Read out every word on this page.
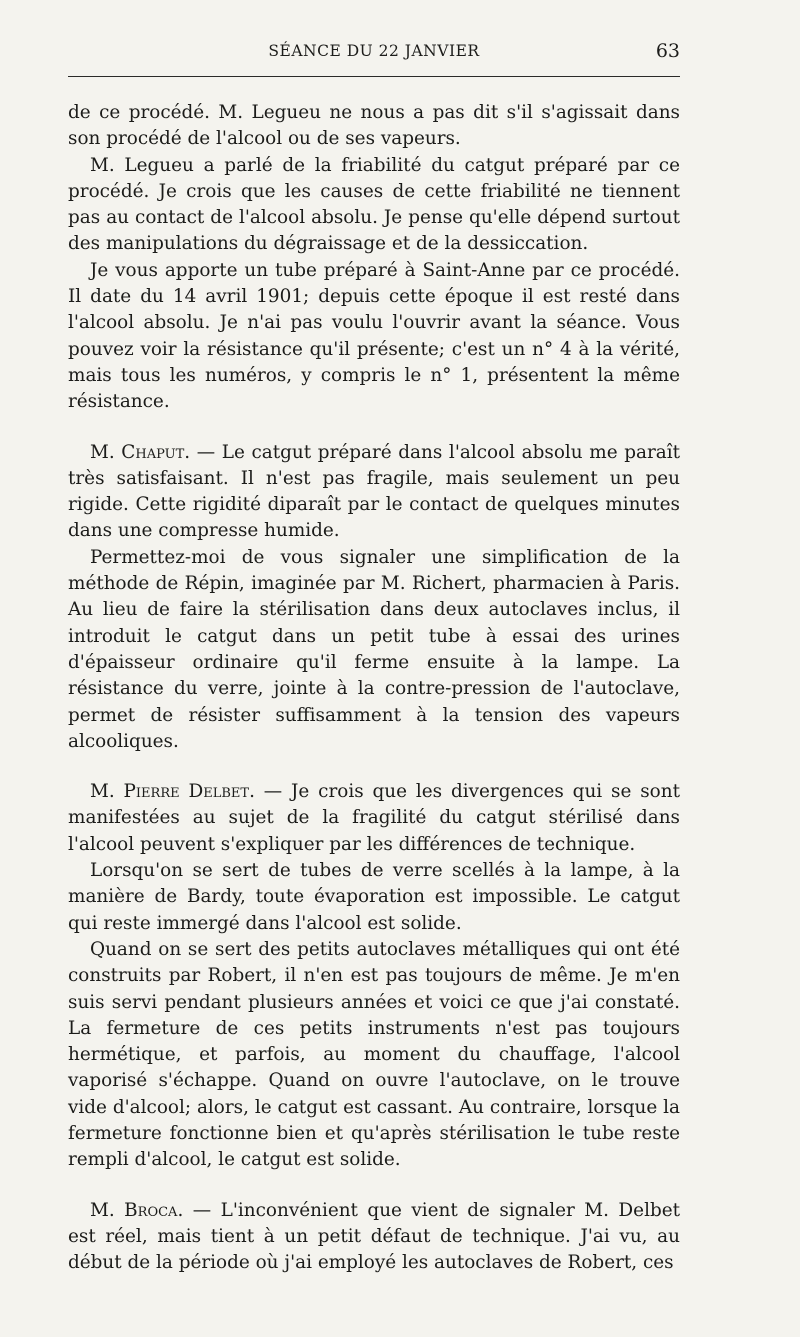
SÉANCE DU 22 JANVIER	63

de ce procédé. M. Legueu ne nous a pas dit s'il s'agissait dans son procédé de l'alcool ou de ses vapeurs.

M. Legueu a parlé de la friabilité du catgut préparé par ce procédé. Je crois que les causes de cette friabilité ne tiennent pas au contact de l'alcool absolu. Je pense qu'elle dépend surtout des manipulations du dégraissage et de la dessiccation.

Je vous apporte un tube préparé à Saint-Anne par ce procédé. Il date du 14 avril 1901; depuis cette époque il est resté dans l'alcool absolu. Je n'ai pas voulu l'ouvrir avant la séance. Vous pouvez voir la résistance qu'il présente; c'est un n° 4 à la vérité, mais tous les numéros, y compris le n° 1, présentent la même résistance.

M. Chaput. — Le catgut préparé dans l'alcool absolu me paraît très satisfaisant. Il n'est pas fragile, mais seulement un peu rigide. Cette rigidité diparaît par le contact de quelques minutes dans une compresse humide.

Permettez-moi de vous signaler une simplification de la méthode de Répin, imaginée par M. Richert, pharmacien à Paris. Au lieu de faire la stérilisation dans deux autoclaves inclus, il introduit le catgut dans un petit tube à essai des urines d'épaisseur ordinaire qu'il ferme ensuite à la lampe. La résistance du verre, jointe à la contre-pression de l'autoclave, permet de résister suffisamment à la tension des vapeurs alcooliques.

M. Pierre Delbet. — Je crois que les divergences qui se sont manifestées au sujet de la fragilité du catgut stérilisé dans l'alcool peuvent s'expliquer par les différences de technique.

Lorsqu'on se sert de tubes de verre scellés à la lampe, à la manière de Bardy, toute évaporation est impossible. Le catgut qui reste immergé dans l'alcool est solide.

Quand on se sert des petits autoclaves métalliques qui ont été construits par Robert, il n'en est pas toujours de même. Je m'en suis servi pendant plusieurs années et voici ce que j'ai constaté. La fermeture de ces petits instruments n'est pas toujours hermétique, et parfois, au moment du chauffage, l'alcool vaporisé s'échappe. Quand on ouvre l'autoclave, on le trouve vide d'alcool; alors, le catgut est cassant. Au contraire, lorsque la fermeture fonctionne bien et qu'après stérilisation le tube reste rempli d'alcool, le catgut est solide.

M. Broca. — L'inconvénient que vient de signaler M. Delbet est réel, mais tient à un petit défaut de technique. J'ai vu, au début de la période où j'ai employé les autoclaves de Robert, ces
